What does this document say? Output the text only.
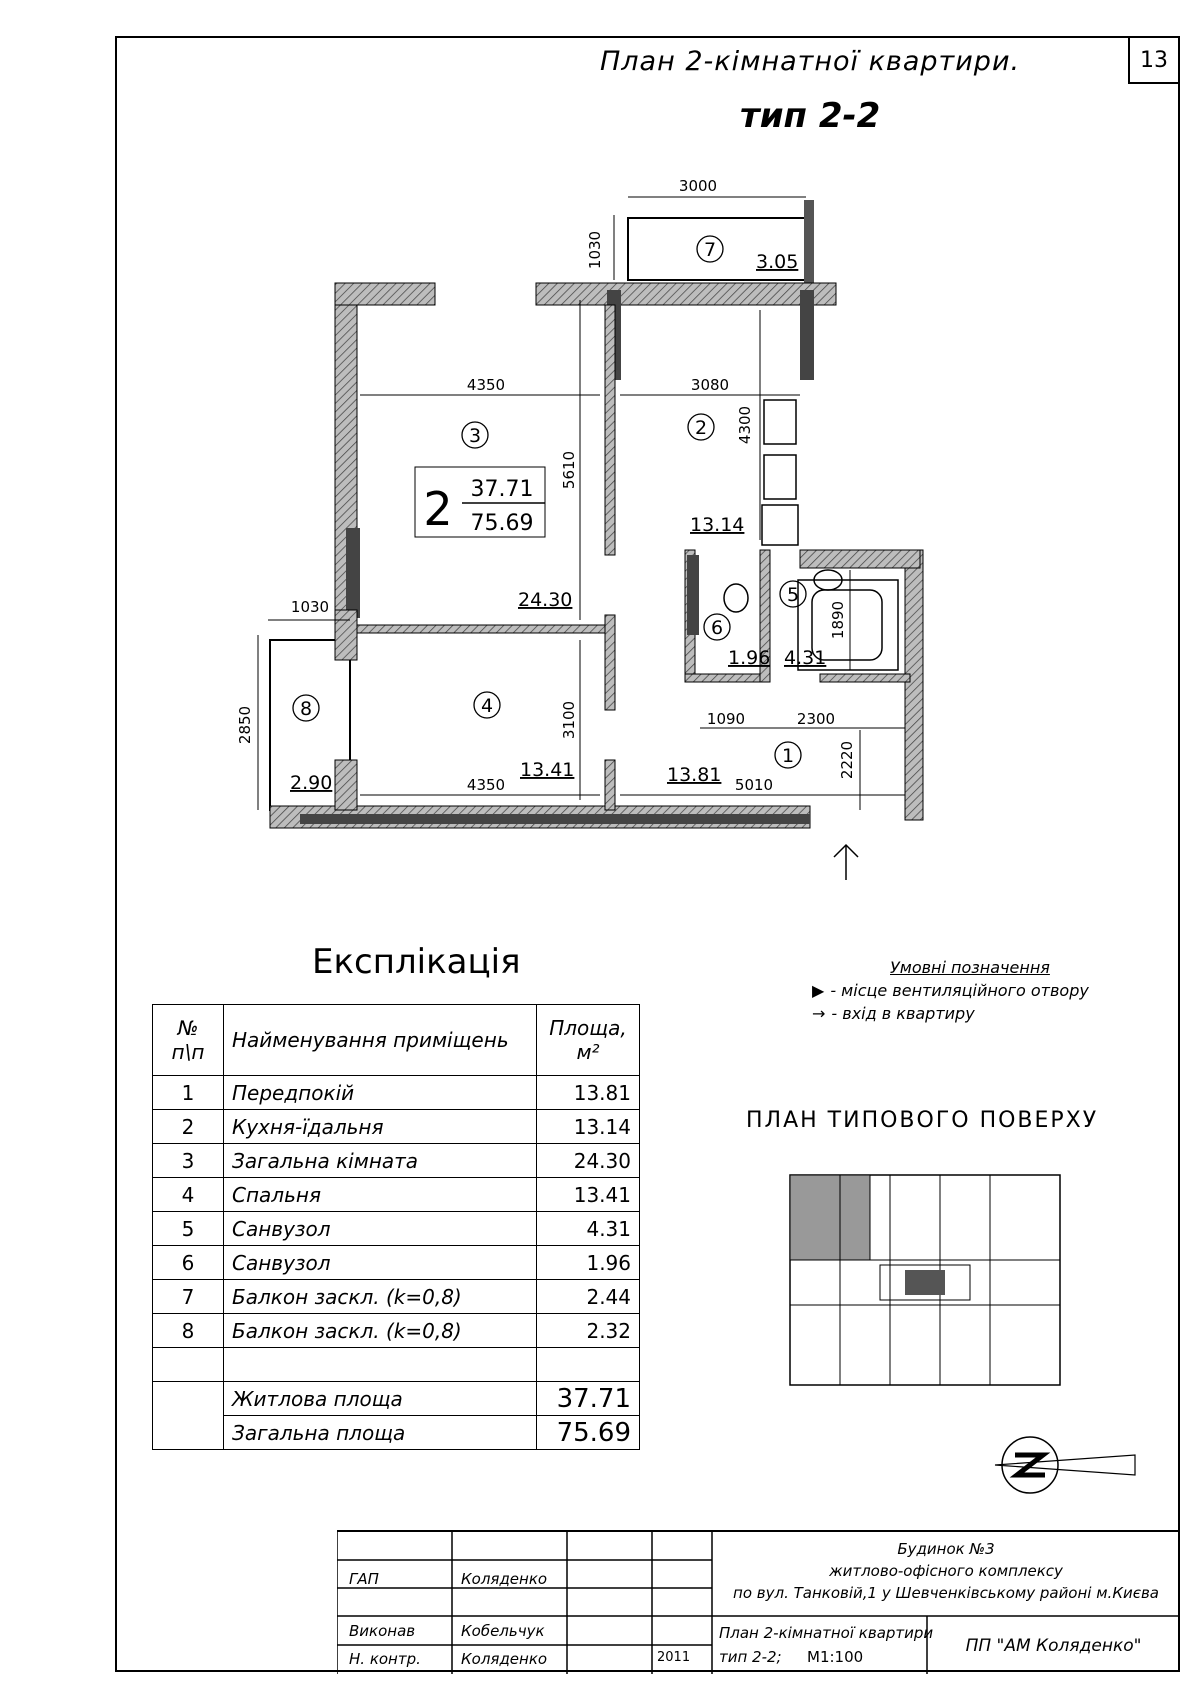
13
План 2-кімнатної квартири.
тип 2-2
3000
1030
4350	3080
4300
5610
1030
2850	3100
4350
1090	2300
5010
2220
1890
1
2
3
4
5
6
7
8
13.81
13.14
24.30
13.41
4.31
1.96
3.05
2.90
2 37.71
75.69
Експлікація
№ п\п	Найменування приміщень	Площа, м²
1	Передпокій	13.81
2	Кухня-їдальня	13.14
3	Загальна кімната	24.30
4	Спальня	13.41
5	Санвузол	4.31
6	Санвузол	1.96
7	Балкон заскл. (k=0,8)	2.44
8	Балкон заскл. (k=0,8)	2.32

	Житлова площа	37.71
	Загальна площа	75.69
Умовні позначення
▶ - місце вентиляційного отвору
→ - вхід в квартиру
ПЛАН ТИПОВОГО ПОВЕРХУ
ГАП	Коляденко
Виконав	Кобельчук
Н. контр.	Коляденко	2011
Будинок №3
житлово-офісного комплексу
по вул. Танковій,1 у Шевченківському районі м.Києва
План 2-кімнатної квартири
тип 2-2; М1:100
ПП "АМ Коляденко"
